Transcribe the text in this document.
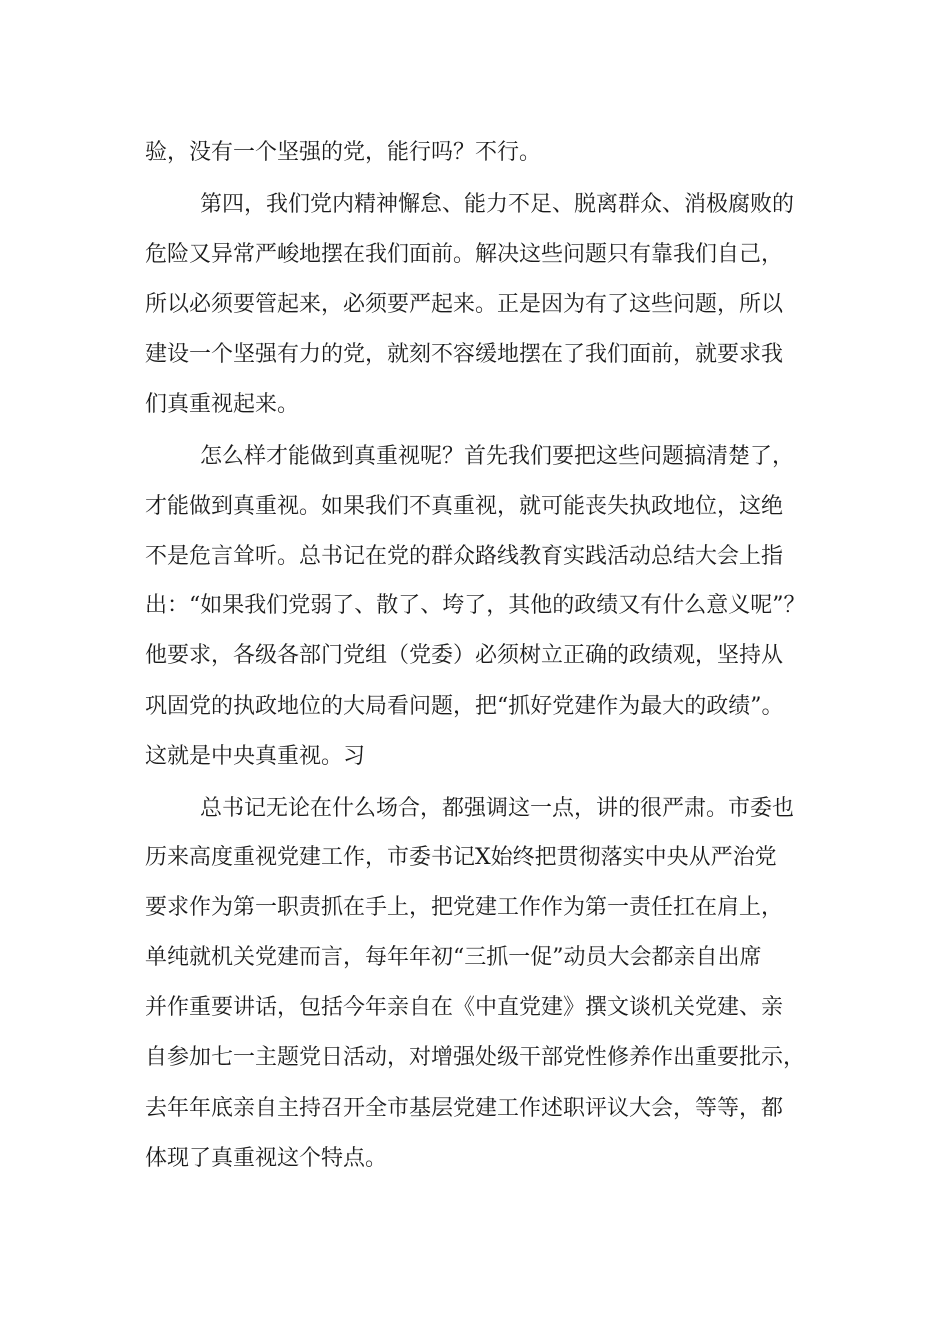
验，没有一个坚强的党，能行吗？不行。
第四，我们党内精神懈怠、能力不足、脱离群众、消极腐败的
危险又异常严峻地摆在我们面前。解决这些问题只有靠我们自己，
所以必须要管起来，必须要严起来。正是因为有了这些问题，所以
建设一个坚强有力的党，就刻不容缓地摆在了我们面前，就要求我
们真重视起来。
怎么样才能做到真重视呢？首先我们要把这些问题搞清楚了，
才能做到真重视。如果我们不真重视，就可能丧失执政地位，这绝
不是危言耸听。总书记在党的群众路线教育实践活动总结大会上指
出：“如果我们党弱了、散了、垮了，其他的政绩又有什么意义呢”？
他要求，各级各部门党组（党委）必须树立正确的政绩观，坚持从
巩固党的执政地位的大局看问题，把“抓好党建作为最大的政绩”。
这就是中央真重视。习
总书记无论在什么场合，都强调这一点，讲的很严肃。市委也
历来高度重视党建工作，市委书记X始终把贯彻落实中央从严治党
要求作为第一职责抓在手上，把党建工作作为第一责任扛在肩上，
单纯就机关党建而言，每年年初“三抓一促”动员大会都亲自出席
并作重要讲话，包括今年亲自在《中直党建》撰文谈机关党建、亲
自参加七一主题党日活动，对增强处级干部党性修养作出重要批示，
去年年底亲自主持召开全市基层党建工作述职评议大会，等等，都
体现了真重视这个特点。
